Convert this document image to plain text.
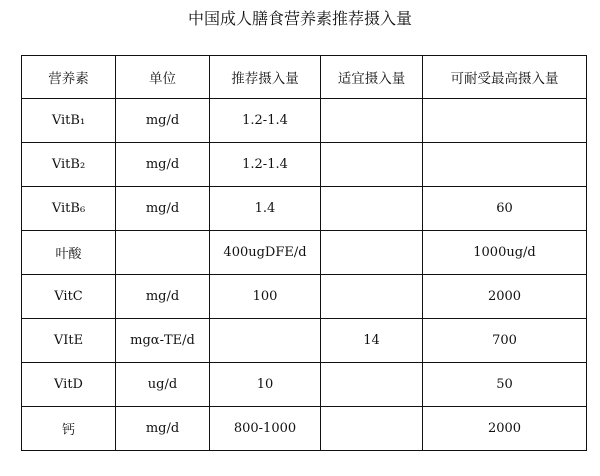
中国成人膳食营养素推荐摄入量
营养素	单位	推荐摄入量	适宜摄入量	可耐受最高摄入量
VitB₁	mg/d	1.2-1.4		
VitB₂	mg/d	1.2-1.4		
VitB₆	mg/d	1.4		60
叶酸		400ugDFE/d		1000ug/d
VitC	mg/d	100		2000
VItE	mgα-TE/d		14	700
VitD	ug/d	10		50
钙	mg/d	800-1000		2000
